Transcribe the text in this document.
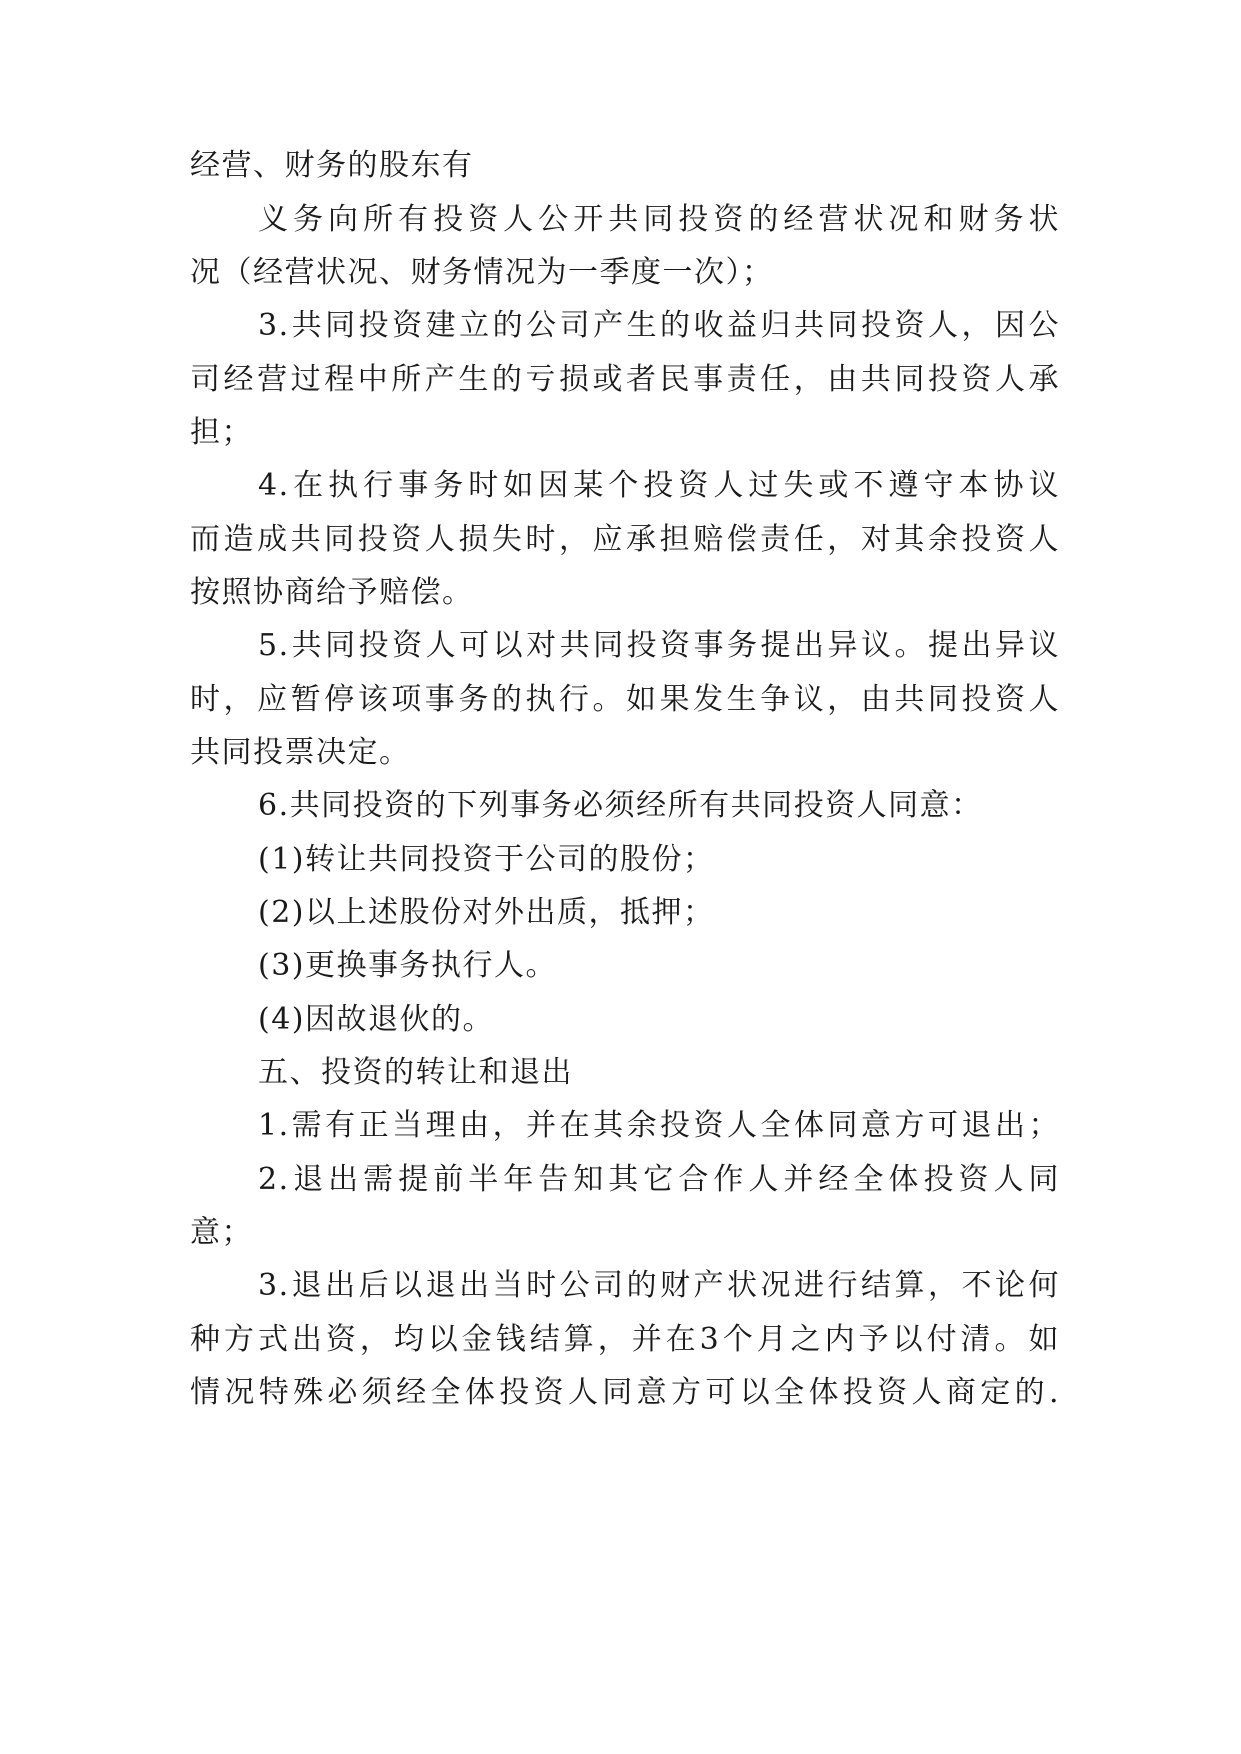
经营、财务的股东有

义务向所有投资人公开共同投资的经营状况和财务状

况（经营状况、财务情况为一季度一次）；

3.共同投资建立的公司产生的收益归共同投资人，因公

司经营过程中所产生的亏损或者民事责任，由共同投资人承

担；

4.在执行事务时如因某个投资人过失或不遵守本协议

而造成共同投资人损失时，应承担赔偿责任，对其余投资人

按照协商给予赔偿。

5.共同投资人可以对共同投资事务提出异议。提出异议

时，应暂停该项事务的执行。如果发生争议，由共同投资人

共同投票决定。

6.共同投资的下列事务必须经所有共同投资人同意：

(1)转让共同投资于公司的股份；

(2)以上述股份对外出质，抵押；

(3)更换事务执行人。

(4)因故退伙的。

五、投资的转让和退出

1.需有正当理由，并在其余投资人全体同意方可退出；

2.退出需提前半年告知其它合作人并经全体投资人同

意；

3.退出后以退出当时公司的财产状况进行结算，不论何

种方式出资，均以金钱结算，并在3个月之内予以付清。如

情况特殊必须经全体投资人同意方可以全体投资人商定的.
